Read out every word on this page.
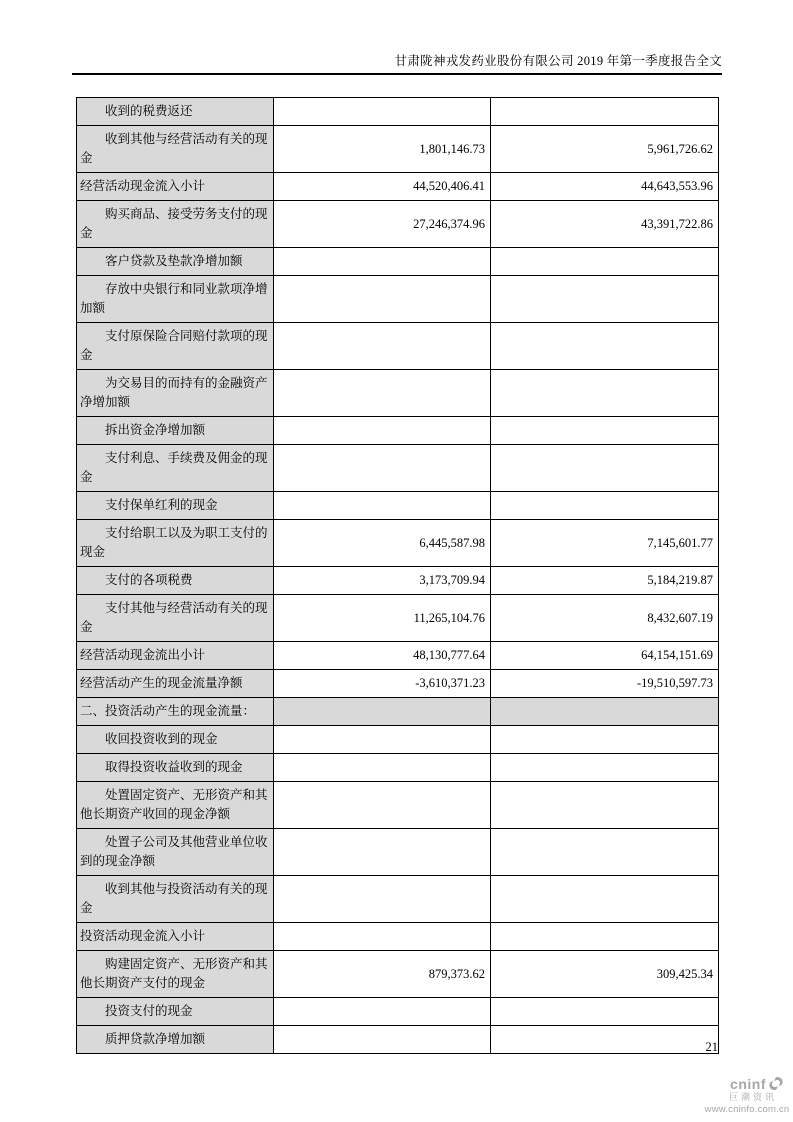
甘肃陇神戎发药业股份有限公司 2019 年第一季度报告全文
收到的税费返还		
收到其他与经营活动有关的现金	1,801,146.73	5,961,726.62
经营活动现金流入小计	44,520,406.41	44,643,553.96
购买商品、接受劳务支付的现金	27,246,374.96	43,391,722.86
客户贷款及垫款净增加额		
存放中央银行和同业款项净增加额		
支付原保险合同赔付款项的现金		
为交易目的而持有的金融资产净增加额		
拆出资金净增加额		
支付利息、手续费及佣金的现金		
支付保单红利的现金		
支付给职工以及为职工支付的现金	6,445,587.98	7,145,601.77
支付的各项税费	3,173,709.94	5,184,219.87
支付其他与经营活动有关的现金	11,265,104.76	8,432,607.19
经营活动现金流出小计	48,130,777.64	64,154,151.69
经营活动产生的现金流量净额	-3,610,371.23	-19,510,597.73
二、投资活动产生的现金流量：		
收回投资收到的现金		
取得投资收益收到的现金		
处置固定资产、无形资产和其他长期资产收回的现金净额		
处置子公司及其他营业单位收到的现金净额		
收到其他与投资活动有关的现金		
投资活动现金流入小计		
购建固定资产、无形资产和其他长期资产支付的现金	879,373.62	309,425.34
投资支付的现金		
质押贷款净增加额		
21
cninf
巨潮资讯
www.cninfo.com.cn
